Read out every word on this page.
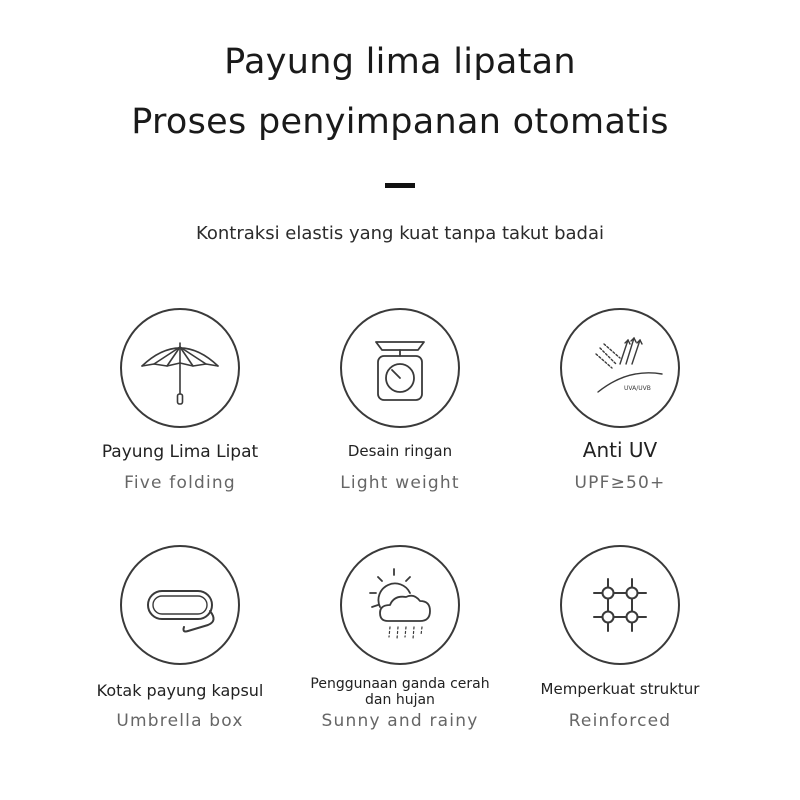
Payung lima lipatan
Proses penyimpanan otomatis
Kontraksi elastis yang kuat tanpa takut badai
Payung Lima Lipat
Five folding
Desain ringan
Light weight
UVA/UVB
Anti UV
UPF≥50+
Kotak payung kapsul
Umbrella box
Penggunaan ganda cerah dan hujan
Sunny and rainy
Memperkuat struktur
Reinforced
